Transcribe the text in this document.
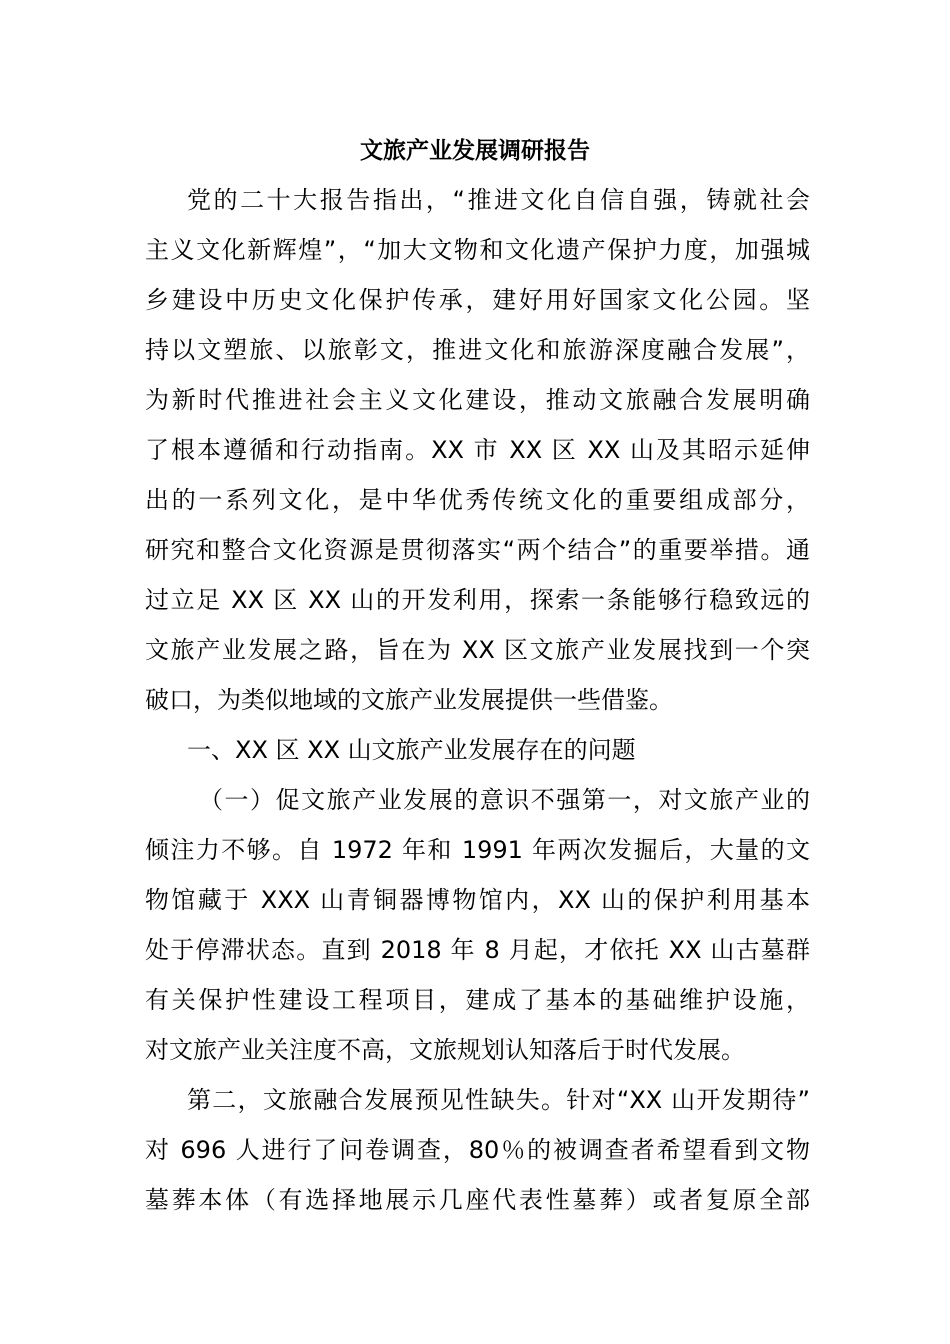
文旅产业发展调研报告
党的二十大报告指出，“推进文化自信自强，铸就社会
主义文化新辉煌”，“加大文物和文化遗产保护力度，加强城
乡建设中历史文化保护传承，建好用好国家文化公园。坚
持以文塑旅、以旅彰文，推进文化和旅游深度融合发展”，
为新时代推进社会主义文化建设，推动文旅融合发展明确
了根本遵循和行动指南。XX 市 XX 区 XX 山及其昭示延伸
出的一系列文化，是中华优秀传统文化的重要组成部分，
研究和整合文化资源是贯彻落实“两个结合”的重要举措。通
过立足 XX 区 XX 山的开发利用，探索一条能够行稳致远的
文旅产业发展之路，旨在为 XX 区文旅产业发展找到一个突
破口，为类似地域的文旅产业发展提供一些借鉴。
一、XX 区 XX 山文旅产业发展存在的问题
（一）促文旅产业发展的意识不强第一，对文旅产业的
倾注力不够。自 1972 年和 1991 年两次发掘后，大量的文
物馆藏于 XXX 山青铜器博物馆内，XX 山的保护利用基本
处于停滞状态。直到 2018 年 8 月起，才依托 XX 山古墓群
有关保护性建设工程项目，建成了基本的基础维护设施，
对文旅产业关注度不高，文旅规划认知落后于时代发展。
第二，文旅融合发展预见性缺失。针对“XX 山开发期待”
对 696 人进行了问卷调查，80％的被调查者希望看到文物
墓葬本体（有选择地展示几座代表性墓葬）或者复原全部
